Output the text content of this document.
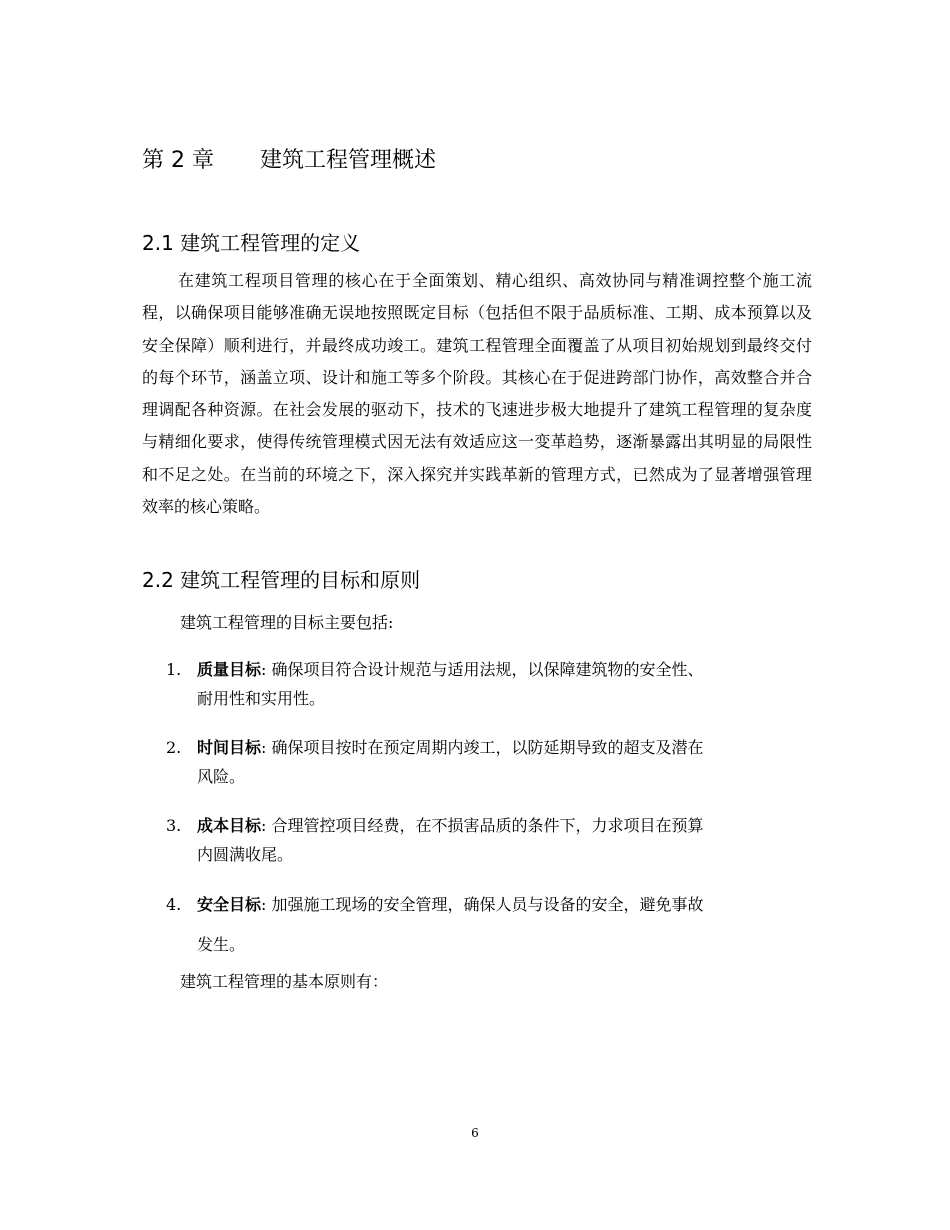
第 2 章 建筑工程管理概述
2.1 建筑工程管理的定义
在建筑工程项目管理的核心在于全面策划、精心组织、高效协同与精准调控整个施工流程，以确保项目能够准确无误地按照既定目标（包括但不限于品质标准、工期、成本预算以及安全保障）顺利进行，并最终成功竣工。建筑工程管理全面覆盖了从项目初始规划到最终交付的每个环节，涵盖立项、设计和施工等多个阶段。其核心在于促进跨部门协作，高效整合并合理调配各种资源。在社会发展的驱动下，技术的飞速进步极大地提升了建筑工程管理的复杂度与精细化要求，使得传统管理模式因无法有效适应这一变革趋势，逐渐暴露出其明显的局限性和不足之处。在当前的环境之下，深入探究并实践革新的管理方式，已然成为了显著增强管理效率的核心策略。
2.2 建筑工程管理的目标和原则
建筑工程管理的目标主要包括:
1. 质量目标: 确保项目符合设计规范与适用法规，以保障建筑物的安全性、
耐用性和实用性。
2. 时间目标: 确保项目按时在预定周期内竣工，以防延期导致的超支及潜在
风险。
3. 成本目标: 合理管控项目经费，在不损害品质的条件下，力求项目在预算
内圆满收尾。
4. 安全目标: 加强施工现场的安全管理，确保人员与设备的安全，避免事故
发生。
建筑工程管理的基本原则有：
6
